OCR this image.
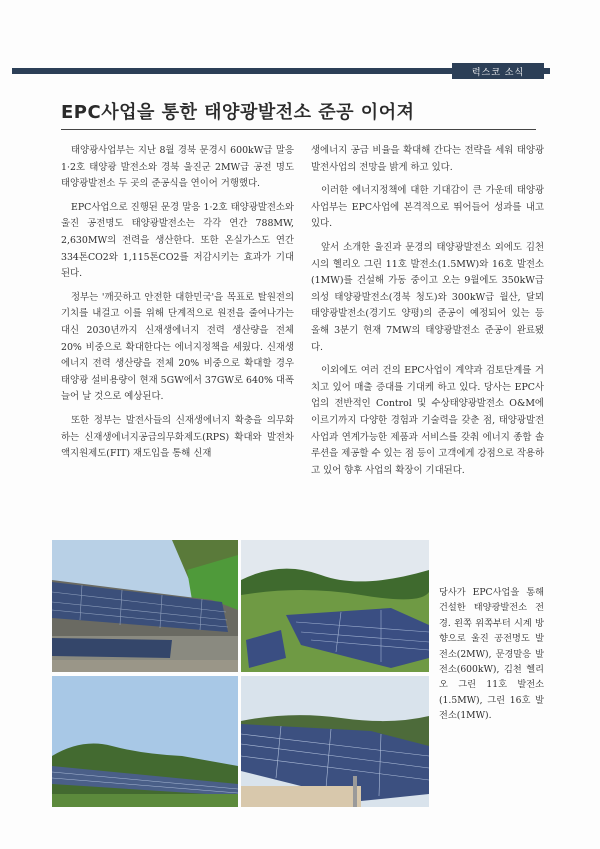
럭스코 소식
EPC사업을 통한 태양광발전소 준공 이어져

태양광사업부는 지난 8월 경북 문경시 600kW급 말응 1·2호 태양광 발전소와 경북 울진군 2MW급 공전 명도 태양광발전소 두 곳의 준공식을 연이어 거행했다.

EPC사업으로 진행된 문경 말응 1·2호 태양광발전소와 울진 공전명도 태양광발전소는 각각 연간 788MW, 2,630MW의 전력을 생산한다. 또한 온실가스도 연간 334톤CO2와 1,115톤CO2를 저감시키는 효과가 기대된다.

정부는 '깨끗하고 안전한 대한민국'을 목표로 탈원전의 기치를 내걸고 이를 위해 단계적으로 원전을 줄여나가는 대신 2030년까지 신재생에너지 전력 생산량을 전체 20% 비중으로 확대한다는 에너지정책을 세웠다. 신재생에너지 전력 생산량을 전체 20% 비중으로 확대할 경우 태양광 설비용량이 현재 5GW에서 37GW로 640% 대폭 늘어 날 것으로 예상된다.

또한 정부는 발전사들의 신재생에너지 확충을 의무화하는 신재생에너지공급의무화제도(RPS) 확대와 발전차액지원제도(FIT) 재도입을 통해 신재

생에너지 공급 비율을 확대해 간다는 전략을 세워 태양광발전사업의 전망을 밝게 하고 있다.

이러한 에너지정책에 대한 기대감이 큰 가운데 태양광사업부는 EPC사업에 본격적으로 뛰어들어 성과를 내고 있다.

앞서 소개한 울진과 문경의 태양광발전소 외에도 김천시의 헬리오 그린 11호 발전소(1.5MW)와 16호 발전소(1MW)를 건설해 가동 중이고 오는 9월에도 350kW급 의성 태양광발전소(경북 청도)와 300kW급 월산, 달뫼 태양광발전소(경기도 양평)의 준공이 예정되어 있는 등 올해 3분기 현재 7MW의 태양광발전소 준공이 완료됐다.

이외에도 여러 건의 EPC사업이 계약과 검토단계를 거치고 있어 매출 증대를 기대케 하고 있다. 당사는 EPC사업의 전반적인 Control 및 수상태양광발전소 O&M에 이르기까지 다양한 경험과 기술력을 갖춘 점, 태양광발전사업과 연계가능한 제품과 서비스를 갖춰 에너지 종합 솔루션을 제공할 수 있는 점 등이 고객에게 강점으로 작용하고 있어 향후 사업의 확장이 기대된다.

당사가 EPC사업을 통해 건설한 태양광발전소 전경. 왼쪽 위쪽부터 시계 방향으로 울진 공전명도 발전소(2MW), 문경말응 발전소(600kW), 김천 헬리오 그린 11호 발전소(1.5MW), 그린 16호 발전소(1MW).
